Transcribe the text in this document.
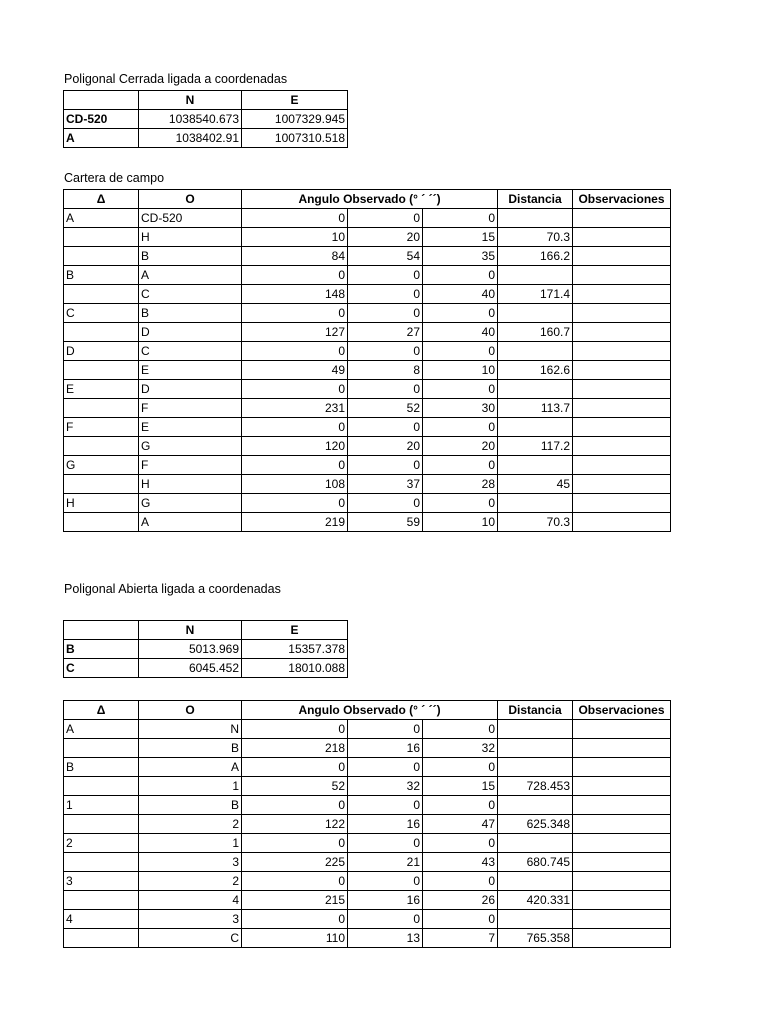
Poligonal Cerrada ligada a coordenadas
	N	E
CD-520	1038540.673	1007329.945
A	1038402.91	1007310.518
Cartera de campo
Δ	O	Angulo Observado (° ´ ´´)			Distancia	Observaciones
A	CD-520	0	0	0		
	H	10	20	15	70.3	
	B	84	54	35	166.2	
B	A	0	0	0		
	C	148	0	40	171.4	
C	B	0	0	0		
	D	127	27	40	160.7	
D	C	0	0	0		
	E	49	8	10	162.6	
E	D	0	0	0		
	F	231	52	30	113.7	
F	E	0	0	0		
	G	120	20	20	117.2	
G	F	0	0	0		
	H	108	37	28	45	
H	G	0	0	0		
	A	219	59	10	70.3	
Poligonal Abierta ligada a coordenadas
	N	E
B	5013.969	15357.378
C	6045.452	18010.088
Δ	O	Angulo Observado (° ´ ´´)			Distancia	Observaciones
A	N	0	0	0		
	B	218	16	32		
B	A	0	0	0		
	1	52	32	15	728.453	
1	B	0	0	0		
	2	122	16	47	625.348	
2	1	0	0	0		
	3	225	21	43	680.745	
3	2	0	0	0		
	4	215	16	26	420.331	
4	3	0	0	0		
	C	110	13	7	765.358	
